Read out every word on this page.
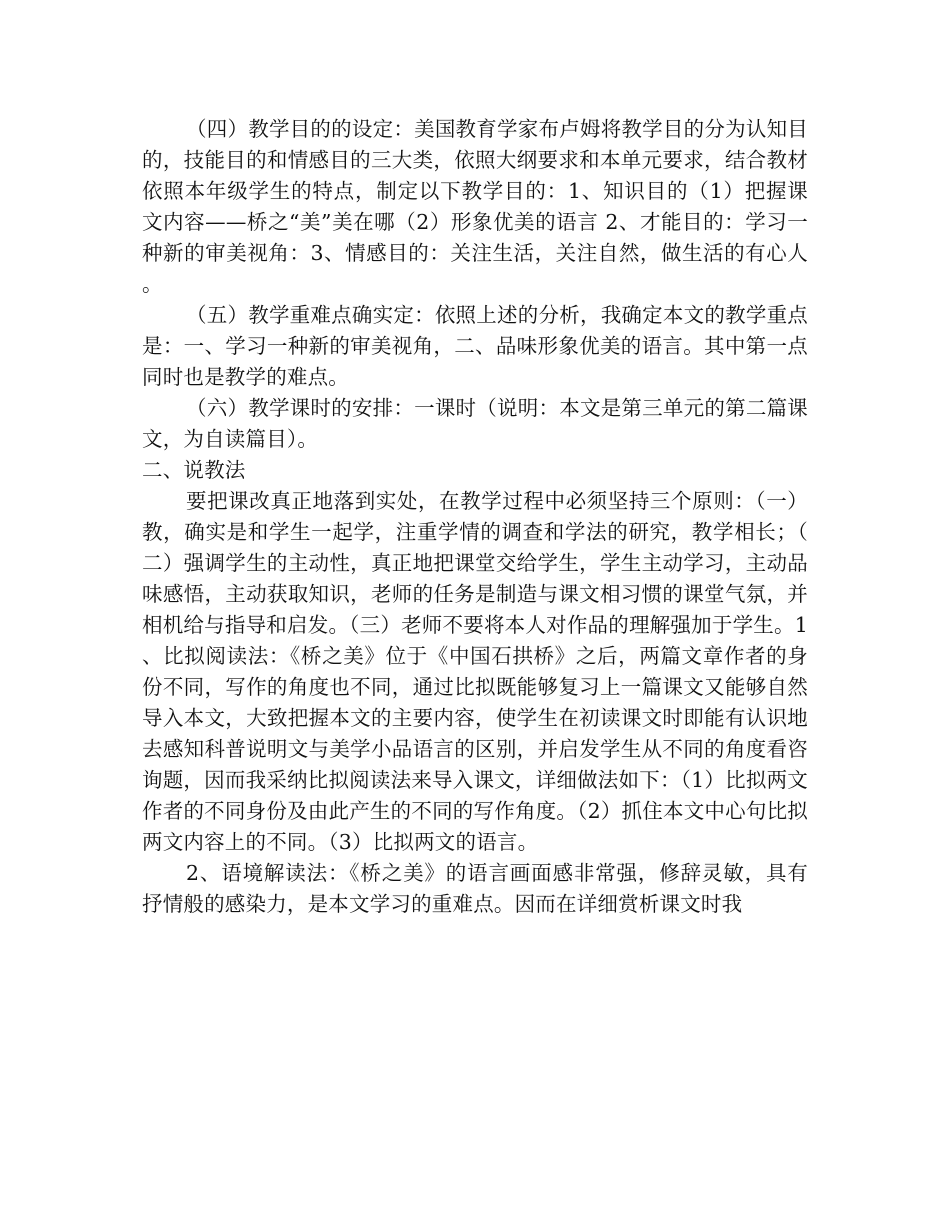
（四）教学目的的设定：美国教育学家布卢姆将教学目的分为认知目的，技能目的和情感目的三大类，依照大纲要求和本单元要求，结合教材依照本年级学生的特点，制定以下教学目的：1、知识目的（1）把握课文内容——桥之“美”美在哪（2）形象优美的语言 2、才能目的：学习一种新的审美视角：3、情感目的：关注生活，关注自然，做生活的有心人。

（五）教学重难点确实定：依照上述的分析，我确定本文的教学重点是：一、学习一种新的审美视角，二、品味形象优美的语言。其中第一点同时也是教学的难点。

（六）教学课时的安排：一课时（说明：本文是第三单元的第二篇课文，为自读篇目）。

二、说教法

要把课改真正地落到实处，在教学过程中必须坚持三个原则：（一）教，确实是和学生一起学，注重学情的调查和学法的研究，教学相长；（二）强调学生的主动性，真正地把课堂交给学生，学生主动学习，主动品味感悟，主动获取知识，老师的任务是制造与课文相习惯的课堂气氛，并相机给与指导和启发。（三）老师不要将本人对作品的理解强加于学生。1、比拟阅读法：《桥之美》位于《中国石拱桥》之后，两篇文章作者的身份不同，写作的角度也不同，通过比拟既能够复习上一篇课文又能够自然导入本文，大致把握本文的主要内容，使学生在初读课文时即能有认识地去感知科普说明文与美学小品语言的区别，并启发学生从不同的角度看咨询题，因而我采纳比拟阅读法来导入课文，详细做法如下：（1）比拟两文作者的不同身份及由此产生的不同的写作角度。（2）抓住本文中心句比拟两文内容上的不同。（3）比拟两文的语言。

2、语境解读法：《桥之美》的语言画面感非常强，修辞灵敏，具有抒情般的感染力，是本文学习的重难点。因而在详细赏析课文时我
